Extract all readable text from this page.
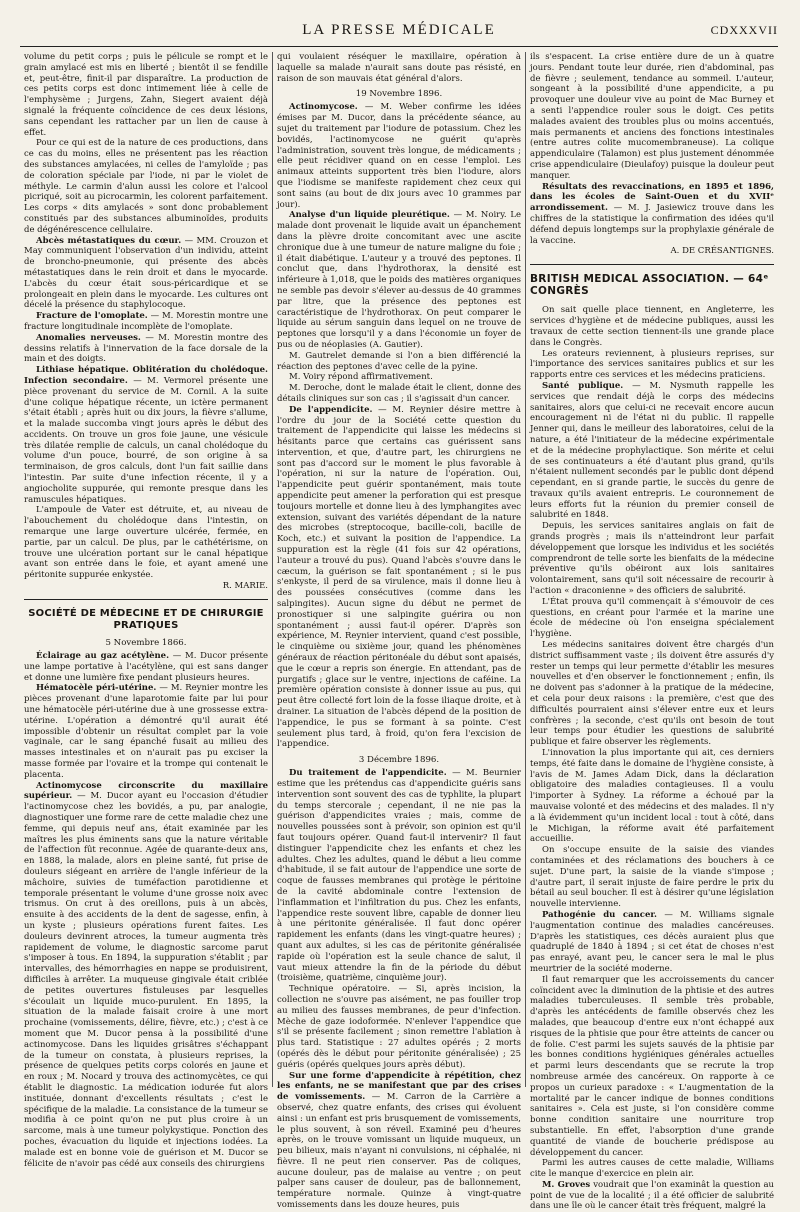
LA PRESSE MÉDICALE	CDXXXVII

volume du petit corps ; puis le pélicule se rompt et le grain amylacé est mis en liberté ; bientôt il se fendille et, peut-être, finit-il par disparaître. La production de ces petits corps est donc intimement liée à celle de l'emphysème ; Jurgens, Zahn, Siegert avaient déjà signalé la fréquente coïncidence de ces deux lésions, sans cependant les rattacher par un lien de cause à effet.

Pour ce qui est de la nature de ces productions, dans ce cas du moins, elles ne présentent pas les réaction des substances amylacées, ni celles de l'amyloïde ; pas de coloration spéciale par l'iode, ni par le violet de méthyle. Le carmin d'alun aussi les colore et l'alcool picriqué, soit au picrocarmin, les colorent parfaitement. Les corps « dits amylacés » sont donc probablement constitués par des substances albuminoïdes, produits de dégénérescence cellulaire.

Abcès métastatiques du cœur. — MM. Crouzon et May communiquent l'observation d'un individu, atteint de broncho-pneumonie, qui présente des abcès métastatiques dans le rein droit et dans le myocarde. L'abcès du cœur était sous-péricardique et se prolongeait en plein dans le myocarde. Les cultures ont décelé la présence du staphylocoque.

Fracture de l'omoplate. — M. Morestin montre une fracture longitudinale incomplète de l'omoplate.

Anomalies nerveuses. — M. Morestin montre des dessins relatifs à l'innervation de la face dorsale de la main et des doigts.

Lithiase hépatique. Oblitération du cholédoque. Infection secondaire. — M. Vermorel présente une pièce provenant du service de M. Cornil. A la suite d'une colique hépatique récente, un ictère permanent s'était établi ; après huit ou dix jours, la fièvre s'allume, et la malade succomba vingt jours après le début des accidents. On trouve un gros foie jaune, une vésicule très dilatée remplie de calculs, un canal cholédoque du volume d'un pouce, bourré, de son origine à sa terminaison, de gros calculs, dont l'un fait saillie dans l'intestin. Par suite d'une infection récente, il y a angiocholite suppurée, qui remonte presque dans les ramuscules hépatiques.

L'ampoule de Vater est détruite, et, au niveau de l'abouchement du cholédoque dans l'intestin, on remarque une large ouverture ulcérée, fermée, en partie, par un calcul. De plus, par le cathétérisme, on trouve une ulcération portant sur le canal hépatique avant son entrée dans le foie, et ayant amené une péritonite suppurée enkystée.

R. MARIE.
SOCIÉTÉ DE MÉDECINE ET DE CHIRURGIE PRATIQUES
5 Novembre 1866.

Éclairage au gaz acétylène. — M. Ducor présente une lampe portative à l'acétylène, qui est sans danger et donne une lumière fixe pendant plusieurs heures.

Hématocèle péri-utérine. — M. Reynier montre les pièces provenant d'une laparotomie faite par lui pour une hématocèle péri-utérine due à une grossesse extra-utérine. L'opération a démontré qu'il aurait été impossible d'obtenir un résultat complet par la voie vaginale, car le sang épanché fusait au milieu des masses intestinales et on n'aurait pas pu exciser la masse formée par l'ovaire et la trompe qui contenait le placenta.

Actinomycose circonscrite du maxillaire supérieur. — M. Ducor ayant eu l'occasion d'étudier l'actinomycose chez les bovidés, a pu, par analogie, diagnostiquer une forme rare de cette maladie chez une femme, qui depuis neuf ans, était examinée par les maîtres les plus éminents sans que la nature véritable de l'affection fût reconnue. Agée de quarante-deux ans, en 1888, la malade, alors en pleine santé, fut prise de douleurs siégeant en arrière de l'angle inférieur de la mâchoire, suivies de tuméfaction parotidienne et temporale présentant le volume d'une grosse noix avec trismus. On crut à des oreillons, puis à un abcès, ensuite à des accidents de la dent de sagesse, enfin, à un kyste ; plusieurs opérations furent faites. Les douleurs devinrent atroces, la tumeur augmenta très rapidement de volume, le diagnostic sarcome parut s'imposer à tous. En 1894, la suppuration s'établit ; par intervalles, des hémorrhagies en nappe se produisirent, difficiles à arrêter. La muqueuse gingivale était criblée de petites ouvertures fistuleuses par lesquelles s'écoulait un liquide muco-purulent. En 1895, la situation de la malade faisait croire à une mort prochaine (vomissements, délire, fièvre, etc.) ; c'est à ce moment que M. Ducor pensa à la possibilité d'une actinomycose. Dans les liquides grisâtres s'échappant de la tumeur on constata, à plusieurs reprises, la présence de quelques petits corps colorés en jaune et en roux ; M. Nocard y trouva des actinomycètes, ce qui établit le diagnostic. La médication iodurée fut alors instituée, donnant d'excellents résultats ; c'est le spécifique de la maladie. La consistance de la tumeur se modifia à ce point qu'on ne put plus croire à un sarcome, mais à une tumeur polykystique. Ponction des poches, évacuation du liquide et injections iodées. La malade est en bonne voie de guérison et M. Ducor se félicite de n'avoir pas cédé aux conseils des chirurgiens

qui voulaient réséquer le maxillaire, opération à laquelle sa malade n'aurait sans doute pas résisté, en raison de son mauvais état général d'alors.

19 Novembre 1896.

Actinomycose. — M. Weber confirme les idées émises par M. Ducor, dans la précédente séance, au sujet du traitement par l'iodure de potassium. Chez les bovidés, l'actinomycose ne guérit qu'après l'administration, souvent très longue, de médicaments ; elle peut récidiver quand on en cesse l'emploi. Les animaux atteints supportent très bien l'iodure, alors que l'iodisme se manifeste rapidement chez ceux qui sont sains (au bout de dix jours avec 10 grammes par jour).

Analyse d'un liquide pleurétique. — M. Noiry. Le malade dont provenait le liquide avait un épanchement dans la plèvre droite concomitant avec une ascite chronique due à une tumeur de nature maligne du foie ; il était diabétique. L'auteur y a trouvé des peptones. Il conclut que, dans l'hydrothorax, la densité est inférieure à 1,018, que le poids des matières organiques ne semble pas devoir s'élever au-dessus de 40 grammes par litre, que la présence des peptones est caractéristique de l'hydrothorax. On peut comparer le liquide au sérum sanguin dans lequel on ne trouve de peptones que lorsqu'il y a dans l'économie un foyer de pus ou de néoplasies (A. Gautier).

M. Gautrelet demande si l'on a bien différencié la réaction des peptones d'avec celle de la pyine.

M. Voiry répond affirmativement.

M. Deroche, dont le malade était le client, donne des détails cliniques sur son cas ; il s'agissait d'un cancer.

De l'appendicite. — M. Reynier désire mettre à l'ordre du jour de la Société cette question du traitement de l'appendicite qui laisse les médecins si hésitants parce que certains cas guérissent sans intervention, et que, d'autre part, les chirurgiens ne sont pas d'accord sur le moment le plus favorable à l'opération, ni sur la nature de l'opération. Oui, l'appendicite peut guérir spontanément, mais toute appendicite peut amener la perforation qui est presque toujours mortelle et donne lieu à des lymphangites avec extension, suivant des variétés dépendant de la nature des microbes (streptocoque, bacille-coli, bacille de Koch, etc.) et suivant la position de l'appendice. La suppuration est la règle (41 fois sur 42 opérations, l'auteur a trouvé du pus). Quand l'abcès s'ouvre dans le cæcum, la guérison se fait spontanément ; si le pus s'enkyste, il perd de sa virulence, mais il donne lieu à des poussées consécutives (comme dans les salpingites). Aucun signe du début ne permet de pronostiquer si une salpingite guérira ou non spontanément ; aussi faut-il opérer. D'après son expérience, M. Reynier intervient, quand c'est possible, le cinquième ou sixième jour, quand les phénomènes généraux de réaction péritonéale du début sont apaisés, que le cœur a repris son énergie. En attendant, pas de purgatifs ; glace sur le ventre, injections de caféine. La première opération consiste à donner issue au pus, qui peut être collecté fort loin de la fosse iliaque droite, et à drainer. La situation de l'abcès dépend de la position de l'appendice, le pus se formant à sa pointe. C'est seulement plus tard, à froid, qu'on fera l'excision de l'appendice.

3 Décembre 1896.

Du traitement de l'appendicite. — M. Beurnier estime que les prétendus cas d'appendicite guéris sans intervention sont souvent des cas de typhlite, la plupart du temps stercorale ; cependant, il ne nie pas la guérison d'appendicites vraies ; mais, comme de nouvelles poussées sont à prévoir, son opinion est qu'il faut toujours opérer. Quand faut-il intervenir? Il faut distinguer l'appendicite chez les enfants et chez les adultes. Chez les adultes, quand le début a lieu comme d'habitude, il se fait autour de l'appendice une sorte de coque de fausses membranes qui protège le péritoine de la cavité abdominale contre l'extension de l'inflammation et l'infiltration du pus. Chez les enfants, l'appendice reste souvent libre, capable de donner lieu à une péritonite généralisée. Il faut donc opérer rapidement les enfants (dans les vingt-quatre heures) ; quant aux adultes, si les cas de péritonite généralisée rapide où l'opération est la seule chance de salut, il vaut mieux attendre la fin de la période du début (troisième, quatrième, cinquième jour).

Technique opératoire. — Si, après incision, la collection ne s'ouvre pas aisément, ne pas fouiller trop au milieu des fausses membranes, de peur d'infection. Mèche de gaze iodoformée. N'enlever l'appendice que s'il se présente facilement ; sinon remettre l'ablation à plus tard. Statistique : 27 adultes opérés ; 2 morts (opérés dès le début pour péritonite généralisée) ; 25 guéris (opérés quelques jours après début).

Sur une forme d'appendicite à répétition, chez les enfants, ne se manifestant que par des crises de vomissements. — M. Carron de la Carrière a observé, chez quatre enfants, des crises qui évoluent ainsi : un enfant est pris brusquement de vomissements, le plus souvent, à son réveil. Examiné peu d'heures après, on le trouve vomissant un liquide muqueux, un peu bilieux, mais n'ayant ni convulsions, ni céphalée, ni fièvre. Il ne peut rien conserver. Pas de coliques, aucune douleur, pas de malaise au ventre ; on peut palper sans causer de douleur, pas de ballonnement, température normale. Quinze à vingt-quatre vomissements dans les douze heures, puis

ils s'espacent. La crise entière dure de un à quatre jours. Pendant toute leur durée, rien d'abdominal, pas de fièvre ; seulement, tendance au sommeil. L'auteur, songeant à la possibilité d'une appendicite, a pu provoquer une douleur vive au point de Mac Burney et a senti l'appendice rouler sous le doigt. Ces petits malades avaient des troubles plus ou moins accentués, mais permanents et anciens des fonctions intestinales (entre autres colite mucomembraneuse). La colique appendiculaire (Talamon) est plus justement dénommée crise appendiculaire (Dieulafoy) puisque la douleur peut manquer.

Résultats des revaccinations, en 1895 et 1896, dans les écoles de Saint-Ouen et du XVIIᵉ arrondissement. — M. J. Jasiewicz trouve dans les chiffres de la statistique la confirmation des idées qu'il défend depuis longtemps sur la prophylaxie générale de la vaccine.

A. DE CRÉSANTIGNES.
BRITISH MEDICAL ASSOCIATION. — 64ᵉ CONGRÈS

On sait quelle place tiennent, en Angleterre, les services d'hygiène et de médecine publiques, aussi les travaux de cette section tiennent-ils une grande place dans le Congrès.

Les orateurs reviennent, à plusieurs reprises, sur l'importance des services sanitaires publics et sur les rapports entre ces services et les médecins praticiens.

Santé publique. — M. Nysmuth rappelle les services que rendait déjà le corps des médecins sanitaires, alors que celui-ci ne recevait encore aucun encouragement ni de l'état ni du public. Il rappelle Jenner qui, dans le meilleur des laboratoires, celui de la nature, a été l'initiateur de la médecine expérimentale et de la médecine prophylactique. Son mérite et celui de ses continuateurs a été d'autant plus grand, qu'ils n'étaient nullement secondés par le public dont dépend cependant, en si grande partie, le succès du genre de travaux qu'ils avaient entrepris. Le couronnement de leurs efforts fut la réunion du premier conseil de salubrité en 1848.

Depuis, les services sanitaires anglais on fait de grands progrès ; mais ils n'atteindront leur parfait développement que lorsque les individus et les sociétés comprendront de telle sorte les bienfaits de la médecine préventive qu'ils obéiront aux lois sanitaires volontairement, sans qu'il soit nécessaire de recourir à l'action « draconienne » des officiers de salubrité.

L'État prouva qu'il commençait à s'émouvoir de ces questions, en créant pour l'armée et la marine une école de médecine où l'on enseigna spécialement l'hygiène.

Les médecins sanitaires doivent être chargés d'un district suffisamment vaste ; ils doivent être assurés d'y rester un temps qui leur permette d'établir les mesures nouvelles et d'en observer le fonctionnement ; enfin, ils ne doivent pas s'adonner à la pratique de la médecine, et cela pour deux raisons : la première, c'est que des difficultés pourraient ainsi s'élever entre eux et leurs confrères ; la seconde, c'est qu'ils ont besoin de tout leur temps pour étudier les questions de salubrité publique et faire observer les règlements.

L'innovation la plus importante qui ait, ces derniers temps, été faite dans le domaine de l'hygiène consiste, à l'avis de M. James Adam Dick, dans la déclaration obligatoire des maladies contagieuses. Il a voulu l'importer à Sydney. La réforme a échoué par la mauvaise volonté et des médecins et des malades. Il n'y a là évidemment qu'un incident local : tout à côté, dans le Michigan, la réforme avait été parfaitement accueillie.

On s'occupe ensuite de la saisie des viandes contaminées et des réclamations des bouchers à ce sujet. D'une part, la saisie de la viande s'impose ; d'autre part, il serait injuste de faire perdre le prix du bétail au seul boucher. Il est à désirer qu'une législation nouvelle intervienne.

Pathogénie du cancer. — M. Williams signale l'augmentation continue des maladies cancéreuses. D'après les statistiques, ces décès auraient plus que quadruplé de 1840 à 1894 ; si cet état de choses n'est pas enrayé, avant peu, le cancer sera le mal le plus meurtrier de la société moderne.

Il faut remarquer que les accroissements du cancer coïncident avec la diminution de la phtisie et des autres maladies tuberculeuses. Il semble très probable, d'après les antécédents de famille observés chez les malades, que beaucoup d'entre eux n'ont échappé aux risques de la phtisie que pour être atteints de cancer ou de folie. C'est parmi les sujets sauvés de la phtisie par les bonnes conditions hygiéniques générales actuelles et parmi leurs descendants que se recrute la trop nombreuse armée des cancéreux. On rapporte à ce propos un curieux paradoxe : « L'augmentation de la mortalité par le cancer indique de bonnes conditions sanitaires ». Cela est juste, si l'on considère comme bonne condition sanitaire une nourriture trop substantielle. En effet, l'absorption d'une grande quantité de viande de boucherie prédispose au développement du cancer.

Parmi les autres causes de cette maladie, Williams cite le manque d'exercice en plein air.

M. Groves voudrait que l'on examinât la question au point de vue de la localité ; il a été officier de salubrité dans une île où le cancer était très fréquent, malgré la
